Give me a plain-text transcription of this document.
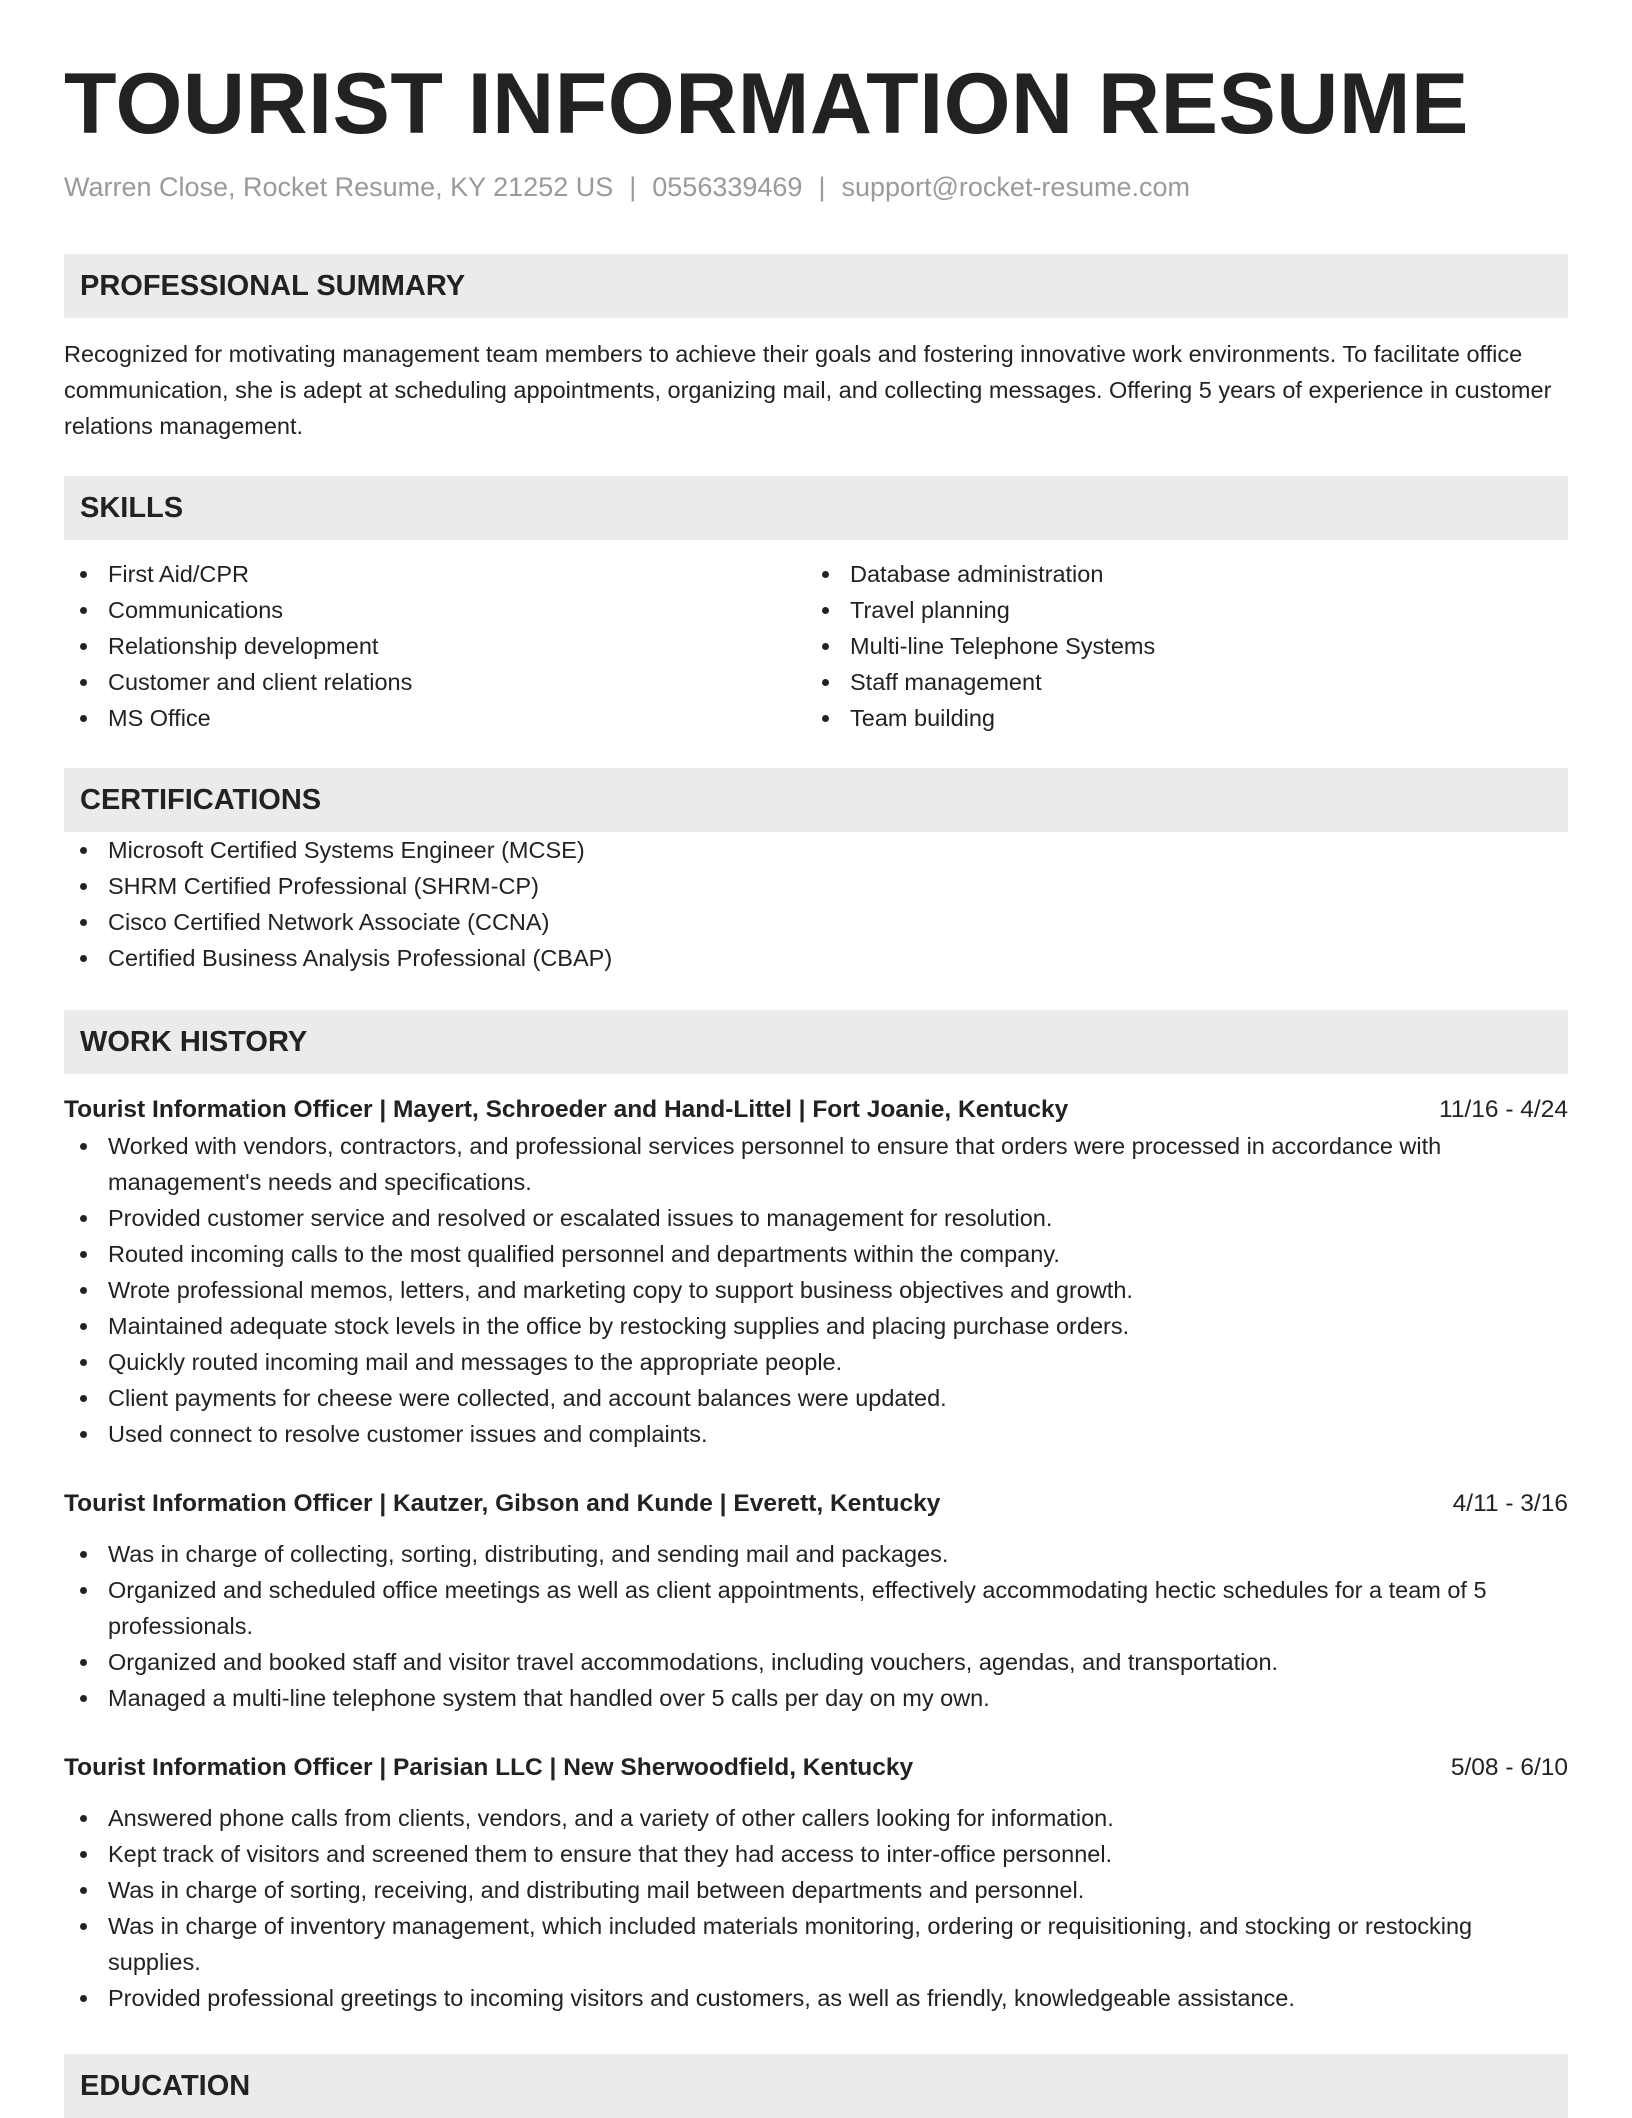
TOURIST INFORMATION RESUME
Warren Close, Rocket Resume, KY 21252 US | 0556339469 | support@rocket-resume.com
PROFESSIONAL SUMMARY
Recognized for motivating management team members to achieve their goals and fostering innovative work environments. To facilitate office communication, she is adept at scheduling appointments, organizing mail, and collecting messages. Offering 5 years of experience in customer relations management.
SKILLS
First Aid/CPR
Communications
Relationship development
Customer and client relations
MS Office
Database administration
Travel planning
Multi-line Telephone Systems
Staff management
Team building
CERTIFICATIONS
Microsoft Certified Systems Engineer (MCSE)
SHRM Certified Professional (SHRM-CP)
Cisco Certified Network Associate (CCNA)
Certified Business Analysis Professional (CBAP)
WORK HISTORY
Tourist Information Officer | Mayert, Schroeder and Hand-Littel | Fort Joanie, Kentucky	11/16 - 4/24
Worked with vendors, contractors, and professional services personnel to ensure that orders were processed in accordance with management's needs and specifications.
Provided customer service and resolved or escalated issues to management for resolution.
Routed incoming calls to the most qualified personnel and departments within the company.
Wrote professional memos, letters, and marketing copy to support business objectives and growth.
Maintained adequate stock levels in the office by restocking supplies and placing purchase orders.
Quickly routed incoming mail and messages to the appropriate people.
Client payments for cheese were collected, and account balances were updated.
Used connect to resolve customer issues and complaints.
Tourist Information Officer | Kautzer, Gibson and Kunde | Everett, Kentucky	4/11 - 3/16
Was in charge of collecting, sorting, distributing, and sending mail and packages.
Organized and scheduled office meetings as well as client appointments, effectively accommodating hectic schedules for a team of 5 professionals.
Organized and booked staff and visitor travel accommodations, including vouchers, agendas, and transportation.
Managed a multi-line telephone system that handled over 5 calls per day on my own.
Tourist Information Officer | Parisian LLC | New Sherwoodfield, Kentucky	5/08 - 6/10
Answered phone calls from clients, vendors, and a variety of other callers looking for information.
Kept track of visitors and screened them to ensure that they had access to inter-office personnel.
Was in charge of sorting, receiving, and distributing mail between departments and personnel.
Was in charge of inventory management, which included materials monitoring, ordering or requisitioning, and stocking or restocking supplies.
Provided professional greetings to incoming visitors and customers, as well as friendly, knowledgeable assistance.
EDUCATION
